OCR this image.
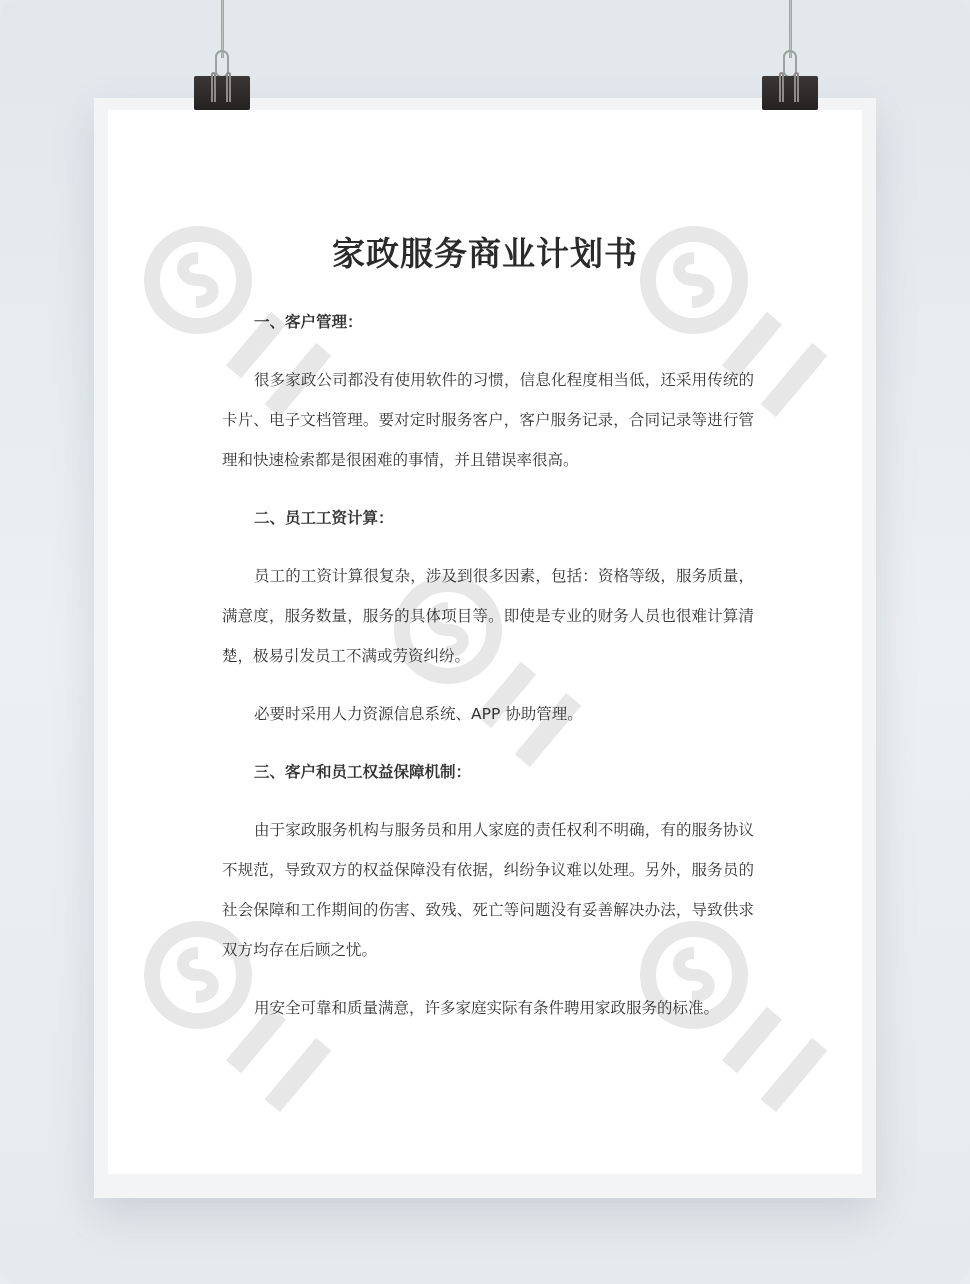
家政服务商业计划书
一、客户管理：

很多家政公司都没有使用软件的习惯，信息化程度相当低，还采用传统的卡片、电子文档管理。要对定时服务客户，客户服务记录，合同记录等进行管理和快速检索都是很困难的事情，并且错误率很高。

二、员工工资计算：

员工的工资计算很复杂，涉及到很多因素，包括：资格等级，服务质量，满意度，服务数量，服务的具体项目等。即使是专业的财务人员也很难计算清楚，极易引发员工不满或劳资纠纷。

必要时采用人力资源信息系统、APP 协助管理。

三、客户和员工权益保障机制：

由于家政服务机构与服务员和用人家庭的责任权利不明确，有的服务协议不规范，导致双方的权益保障没有依据，纠纷争议难以处理。另外，服务员的社会保障和工作期间的伤害、致残、死亡等问题没有妥善解决办法，导致供求双方均存在后顾之忧。

用安全可靠和质量满意，许多家庭实际有条件聘用家政服务的标准。
